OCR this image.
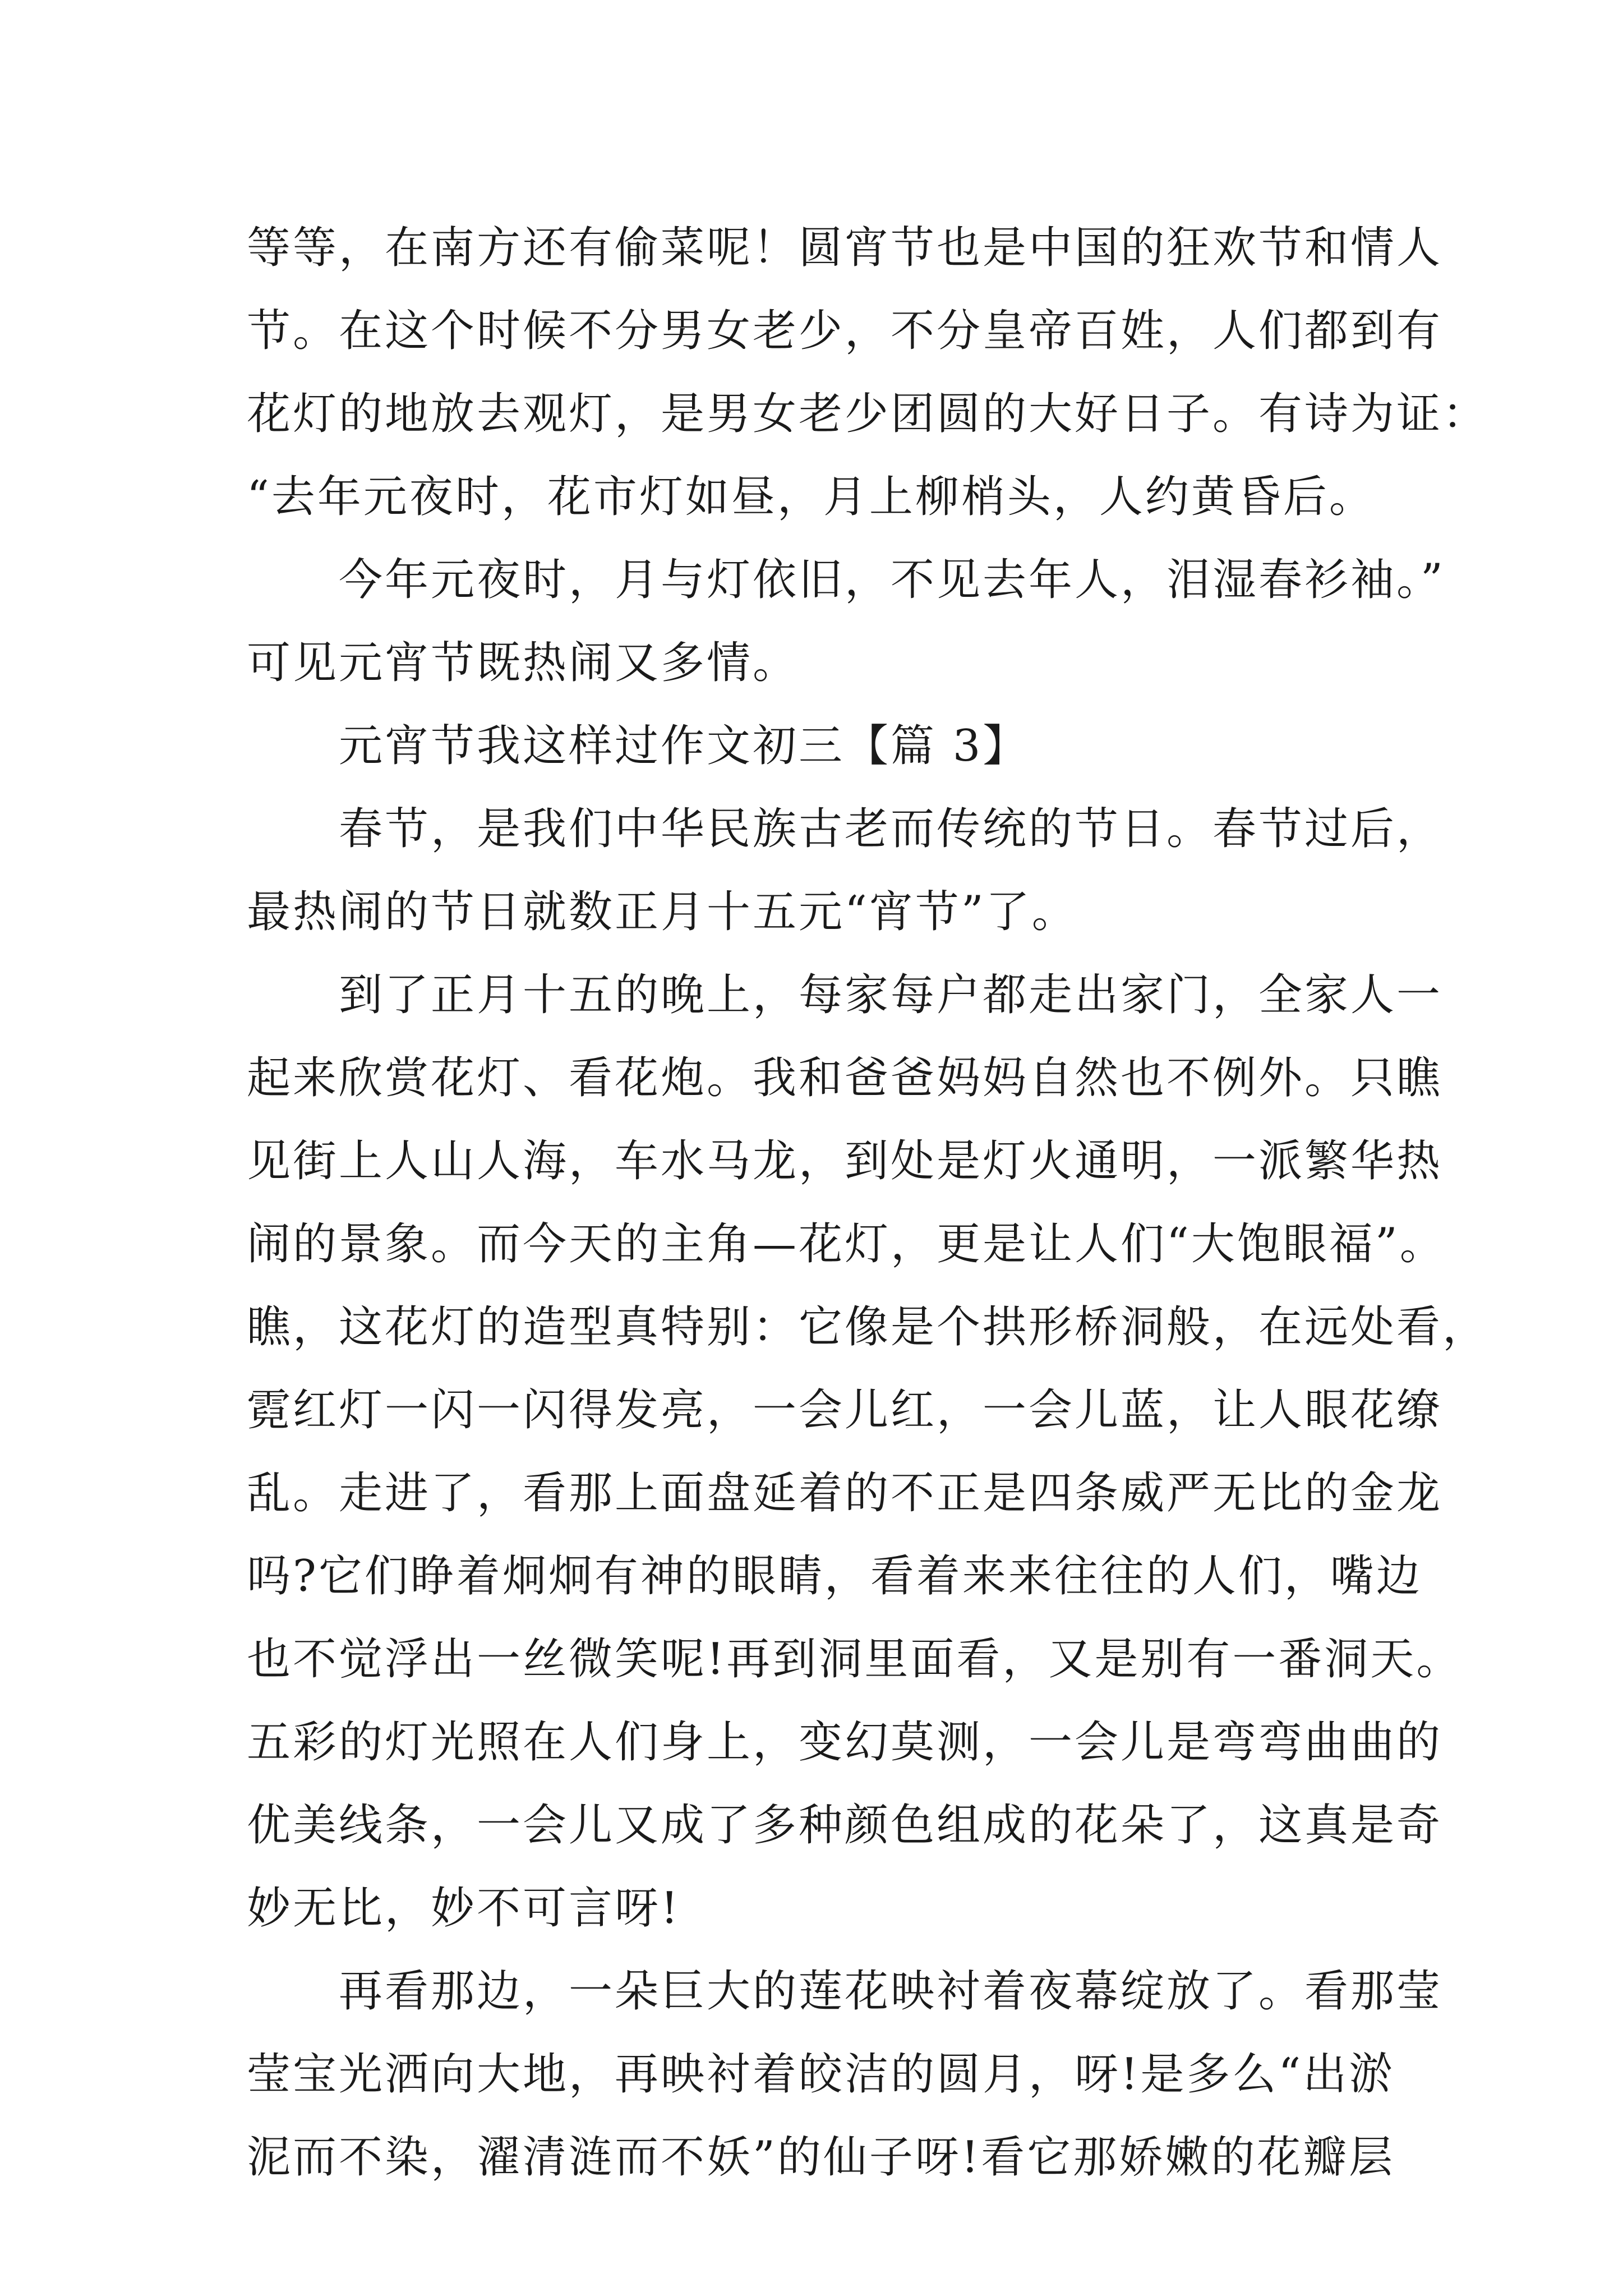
等等，在南方还有偷菜呢！圆宵节也是中国的狂欢节和情人
节。在这个时候不分男女老少，不分皇帝百姓，人们都到有
花灯的地放去观灯，是男女老少团圆的大好日子。有诗为证：
“去年元夜时，花市灯如昼，月上柳梢头，人约黄昏后。
　　今年元夜时，月与灯依旧，不见去年人，泪湿春衫袖。”
可见元宵节既热闹又多情。
　　元宵节我这样过作文初三【篇 3】
　　春节，是我们中华民族古老而传统的节日。春节过后，
最热闹的节日就数正月十五元“宵节”了。
　　到了正月十五的晚上，每家每户都走出家门，全家人一
起来欣赏花灯、看花炮。我和爸爸妈妈自然也不例外。只瞧
见街上人山人海，车水马龙，到处是灯火通明，一派繁华热
闹的景象。而今天的主角—花灯，更是让人们“大饱眼福”。
瞧，这花灯的造型真特别：它像是个拱形桥洞般，在远处看，
霓红灯一闪一闪得发亮，一会儿红，一会儿蓝，让人眼花缭
乱。走进了，看那上面盘延着的不正是四条威严无比的金龙
吗?它们睁着炯炯有神的眼睛，看着来来往往的人们，嘴边
也不觉浮出一丝微笑呢!再到洞里面看，又是别有一番洞天。
五彩的灯光照在人们身上，变幻莫测，一会儿是弯弯曲曲的
优美线条，一会儿又成了多种颜色组成的花朵了，这真是奇
妙无比，妙不可言呀!
　　再看那边，一朵巨大的莲花映衬着夜幕绽放了。看那莹
莹宝光洒向大地，再映衬着皎洁的圆月，呀!是多么“出淤
泥而不染，濯清涟而不妖”的仙子呀!看它那娇嫩的花瓣层
